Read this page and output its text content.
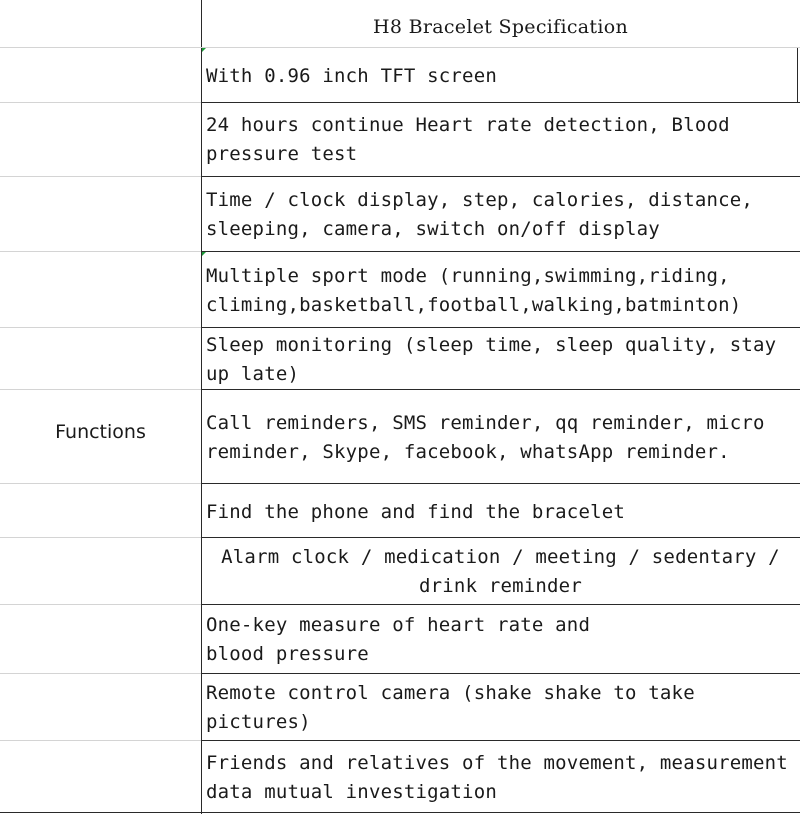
H8 Bracelet Specification
Functions
With 0.96 inch TFT screen
24 hours continue Heart rate detection, Blood
pressure test
Time / clock display, step, calories, distance,
sleeping, camera, switch on/off display
Multiple sport mode (running,swimming,riding,
climing,basketball,football,walking,batminton)
Sleep monitoring (sleep time, sleep quality, stay
up late)
Call reminders, SMS reminder, qq reminder, micro
reminder, Skype, facebook, whatsApp reminder.
Find the phone and find the bracelet
Alarm clock / medication / meeting / sedentary /
drink reminder
One-key measure of heart rate and
blood pressure
Remote control camera (shake shake to take
pictures)
Friends and relatives of the movement, measurement
data mutual investigation
